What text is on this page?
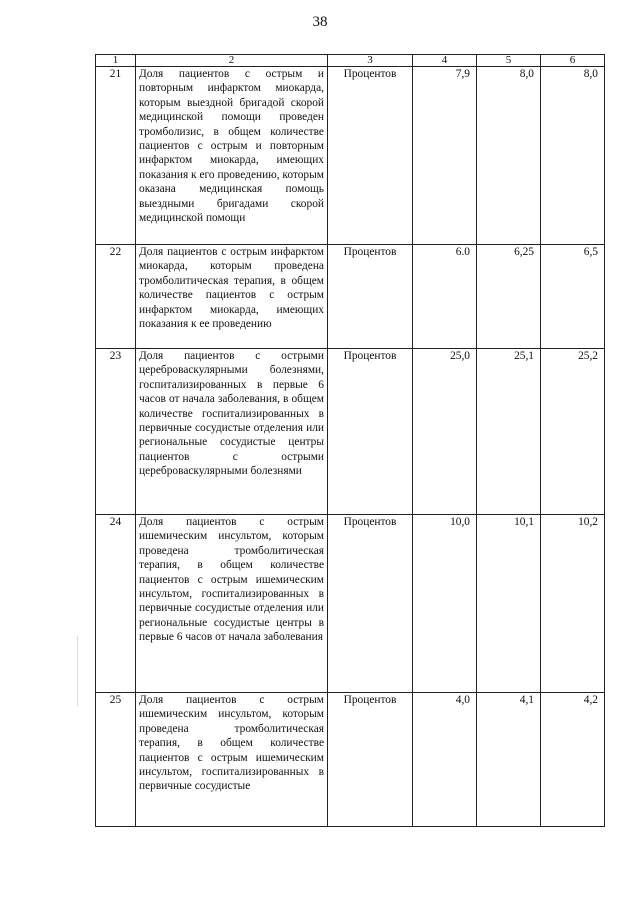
38
1	2	3	4	5	6
21	Доля пациентов с острым и повторным инфарктом миокарда, которым выездной бригадой скорой медицинской помощи проведен тромболизис, в общем количестве пациентов с острым и повторным инфарктом миокарда, имеющих показания к его проведению, которым оказана медицинская помощь выездными бригадами скорой медицинской помощи	Процентов	7,9	8,0	8,0
22	Доля пациентов с острым инфарктом миокарда, которым проведена тромболитическая терапия, в общем количестве пациентов с острым инфарктом миокарда, имеющих показания к ее проведению	Процентов	6.0	6,25	6,5
23	Доля пациентов с острыми цереброваскулярными болезнями, госпитализированных в первые 6 часов от начала заболевания, в общем количестве госпитализированных в первичные сосудистые отделения или региональные сосудистые центры пациентов с острыми цереброваскулярными болезнями	Процентов	25,0	25,1	25,2
24	Доля пациентов с острым ишемическим инсультом, которым проведена тромболитическая терапия, в общем количестве пациентов с острым ишемическим инсультом, госпитализированных в первичные сосудистые отделения или региональные сосудистые центры в первые 6 часов от начала заболевания	Процентов	10,0	10,1	10,2
25	Доля пациентов с острым ишемическим инсультом, которым проведена тромболитическая терапия, в общем количестве пациентов с острым ишемическим инсультом, госпитализированных в первичные сосудистые	Процентов	4,0	4,1	4,2
